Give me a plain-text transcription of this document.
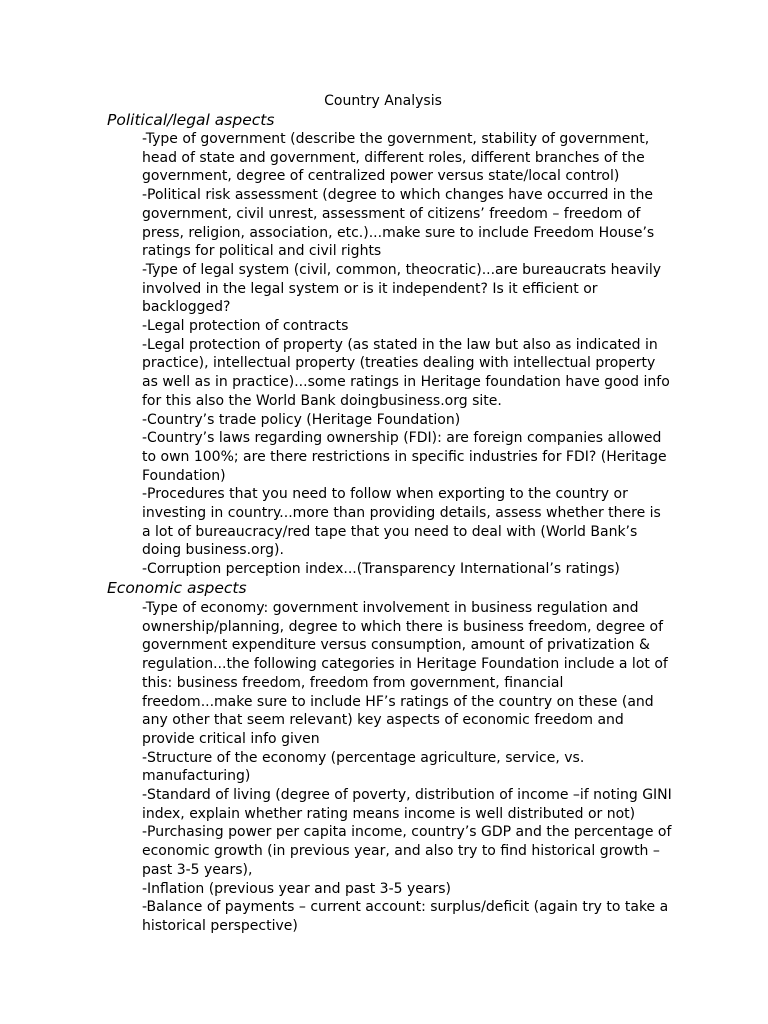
Country Analysis
Political/legal aspects
-Type of government (describe the government, stability of government, head of state and government, different roles, different branches of the government, degree of centralized power versus state/local control)
-Political risk assessment (degree to which changes have occurred in the government, civil unrest, assessment of citizens’ freedom – freedom of press, religion, association, etc.)...make sure to include Freedom House’s ratings for political and civil rights
-Type of legal system (civil, common, theocratic)...are bureaucrats heavily involved in the legal system or is it independent? Is it efficient or backlogged?
-Legal protection of contracts
-Legal protection of property (as stated in the law but also as indicated in practice), intellectual property (treaties dealing with intellectual property as well as in practice)...some ratings in Heritage foundation have good info for this also the World Bank doingbusiness.org site.
-Country’s trade policy (Heritage Foundation)
-Country’s laws regarding ownership (FDI): are foreign companies allowed to own 100%; are there restrictions in specific industries for FDI? (Heritage Foundation)
-Procedures that you need to follow when exporting to the country or investing in country...more than providing details, assess whether there is a lot of bureaucracy/red tape that you need to deal with (World Bank’s doing business.org).
-Corruption perception index...(Transparency International’s ratings)
Economic aspects
-Type of economy: government involvement in business regulation and ownership/planning, degree to which there is business freedom, degree of government expenditure versus consumption, amount of privatization & regulation...the following categories in Heritage Foundation include a lot of this: business freedom, freedom from government, financial freedom...make sure to include HF’s ratings of the country on these (and any other that seem relevant) key aspects of economic freedom and provide critical info given
-Structure of the economy (percentage agriculture, service, vs. manufacturing)
-Standard of living (degree of poverty, distribution of income –if noting GINI index, explain whether rating means income is well distributed or not)
-Purchasing power per capita income, country’s GDP and the percentage of economic growth (in previous year, and also try to find historical growth – past 3-5 years),
-Inflation (previous year and past 3-5 years)
-Balance of payments – current account: surplus/deficit (again try to take a historical perspective)
